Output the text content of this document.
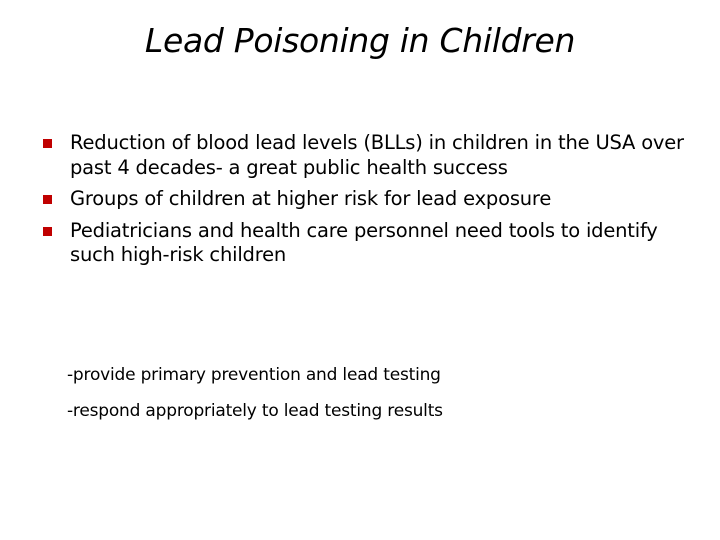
Lead Poisoning in Children
Reduction of blood lead levels (BLLs) in children in the USA over past 4 decades- a great public health success
Groups of children at higher risk for lead exposure
Pediatricians and health care personnel need tools to identify such high-risk children
-provide primary prevention and lead testing
-respond appropriately to lead testing results
